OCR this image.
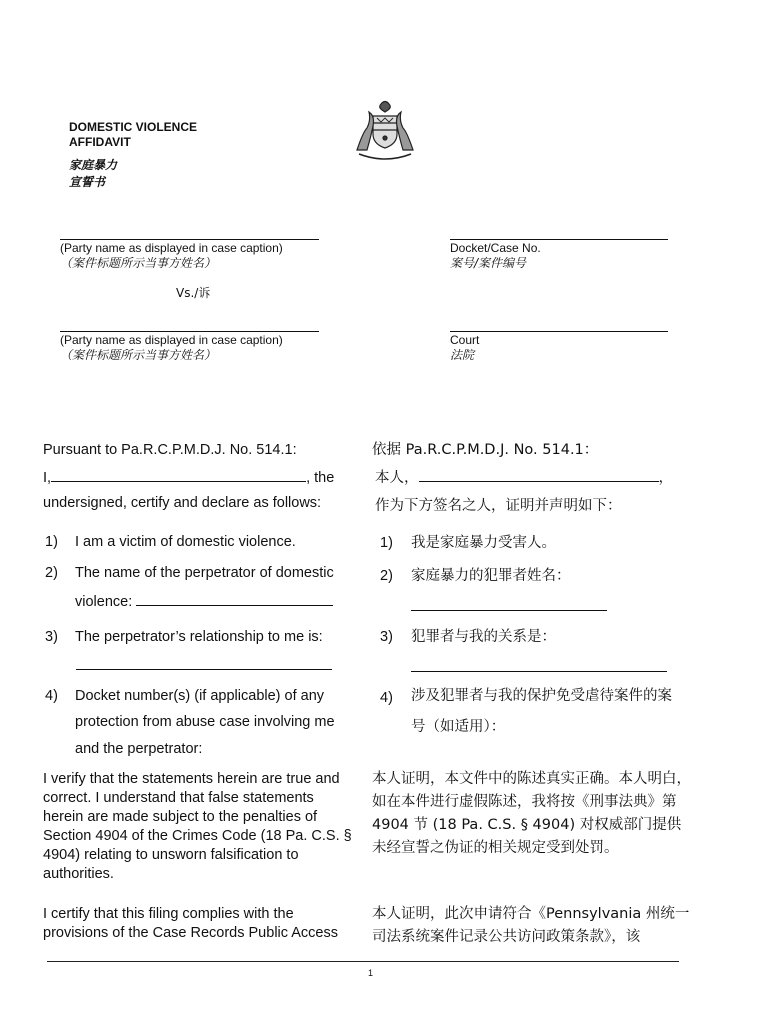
DOMESTIC VIOLENCE
AFFIDAVIT
家庭暴力
宣誓书
(Party name as displayed in case caption)
（案件标题所示当事方姓名）
Docket/Case No.
案号/案件编号
Vs./诉
(Party name as displayed in case caption)
（案件标题所示当事方姓名）
Court
法院
Pursuant to Pa.R.C.P.M.D.J. No. 514.1:
I,	, the
undersigned, certify and declare as follows:
1) I am a victim of domestic violence.
2) The name of the perpetrator of domestic
violence:
3) The perpetrator’s relationship to me is:
4) Docket number(s) (if applicable) of any
protection from abuse case involving me
and the perpetrator:
I verify that the statements herein are true and correct. I understand that false statements herein are made subject to the penalties of Section 4904 of the Crimes Code (18 Pa. C.S. § 4904) relating to unsworn falsification to authorities.
I certify that this filing complies with the provisions of the Case Records Public Access
依据 Pa.R.C.P.M.D.J. No. 514.1：
本人，	，
作为下方签名之人，证明并声明如下：
1) 我是家庭暴力受害人。
2) 家庭暴力的犯罪者姓名：
3) 犯罪者与我的关系是：
4) 涉及犯罪者与我的保护免受虐待案件的案
号（如适用）：
本人证明，本文件中的陈述真实正确。本人明白，如在本件进行虚假陈述，我将按《刑事法典》第 4904 节 (18 Pa. C.S. § 4904) 对权威部门提供未经宣誓之伪证的相关规定受到处罚。
本人证明，此次申请符合《Pennsylvania 州统一司法系统案件记录公共访问政策条款》，该
1
